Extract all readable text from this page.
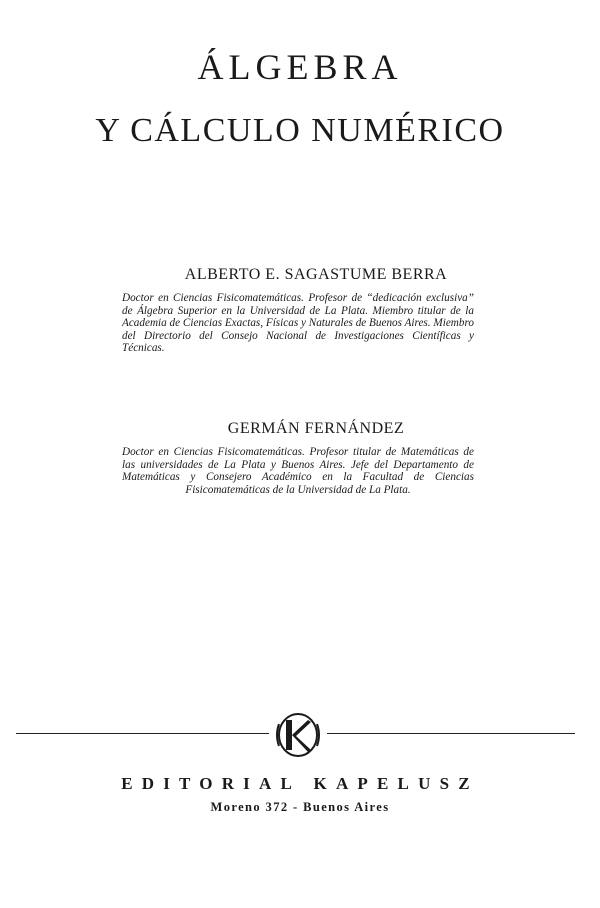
ÁLGEBRA
Y CÁLCULO NUMÉRICO
ALBERTO E. SAGASTUME BERRA
Doctor en Ciencias Fisicomatemáticas. Profesor de “dedicación exclusiva” de Álgebra Superior en la Universidad de La Plata. Miembro titular de la Academia de Ciencias Exactas, Físicas y Naturales de Buenos Aires. Miembro del Directorio del Consejo Nacional de Investigaciones Científicas y Técnicas.
GERMÁN FERNÁNDEZ
Doctor en Ciencias Fisicomatemáticas. Profesor titular de Matemáticas de las universidades de La Plata y Buenos Aires. Jefe del Departamento de Matemáticas y Consejero Académico en la Facultad de Ciencias Fisicomatemáticas de la Universidad de La Plata.
EDITORIAL KAPELUSZ
Moreno 372 - Buenos Aires
